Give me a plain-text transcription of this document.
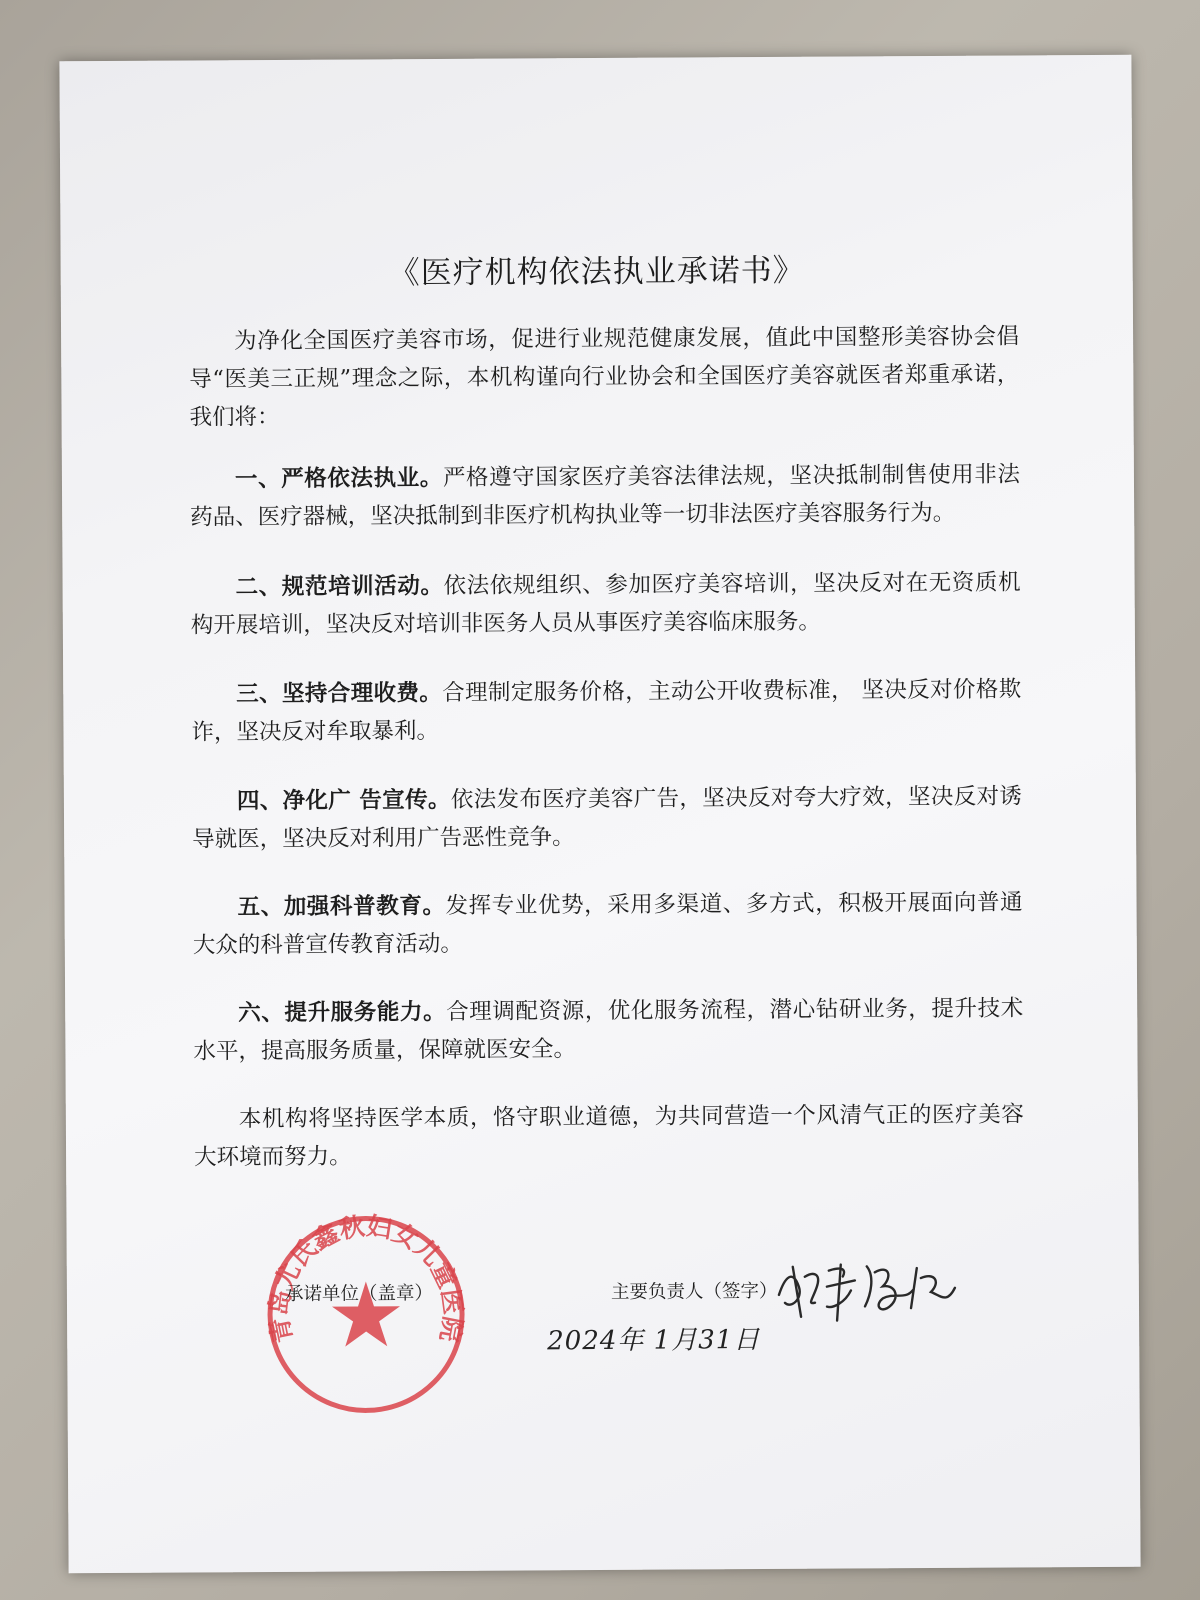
《医疗机构依法执业承诺书》
为净化全国医疗美容市场，促进行业规范健康发展，值此中国整形美容协会倡导“医美三正规”理念之际，本机构谨向行业协会和全国医疗美容就医者郑重承诺，我们将：
一、严格依法执业。严格遵守国家医疗美容法律法规，坚决抵制制售使用非法药品、医疗器械，坚决抵制到非医疗机构执业等一切非法医疗美容服务行为。
二、规范培训活动。依法依规组织、参加医疗美容培训，坚决反对在无资质机构开展培训，坚决反对培训非医务人员从事医疗美容临床服务。
三、坚持合理收费。合理制定服务价格，主动公开收费标准， 坚决反对价格欺诈，坚决反对牟取暴利。
四、净化广 告宣传。依法发布医疗美容广告，坚决反对夸大疗效，坚决反对诱导就医，坚决反对利用广告恶性竞争。
五、加强科普教育。发挥专业优势，采用多渠道、多方式，积极开展面向普通大众的科普宣传教育活动。
六、提升服务能力。合理调配资源，优化服务流程，潜心钻研业务，提升技术水平，提高服务质量，保障就医安全。
本机构将坚持医学本质，恪守职业道德，为共同营造一个风清气正的医疗美容大环境而努力。
青岛尤氏鑫秋妇女儿童医院
承诺单位（盖章）	主要负责人（签字）
2024年 1月31日
